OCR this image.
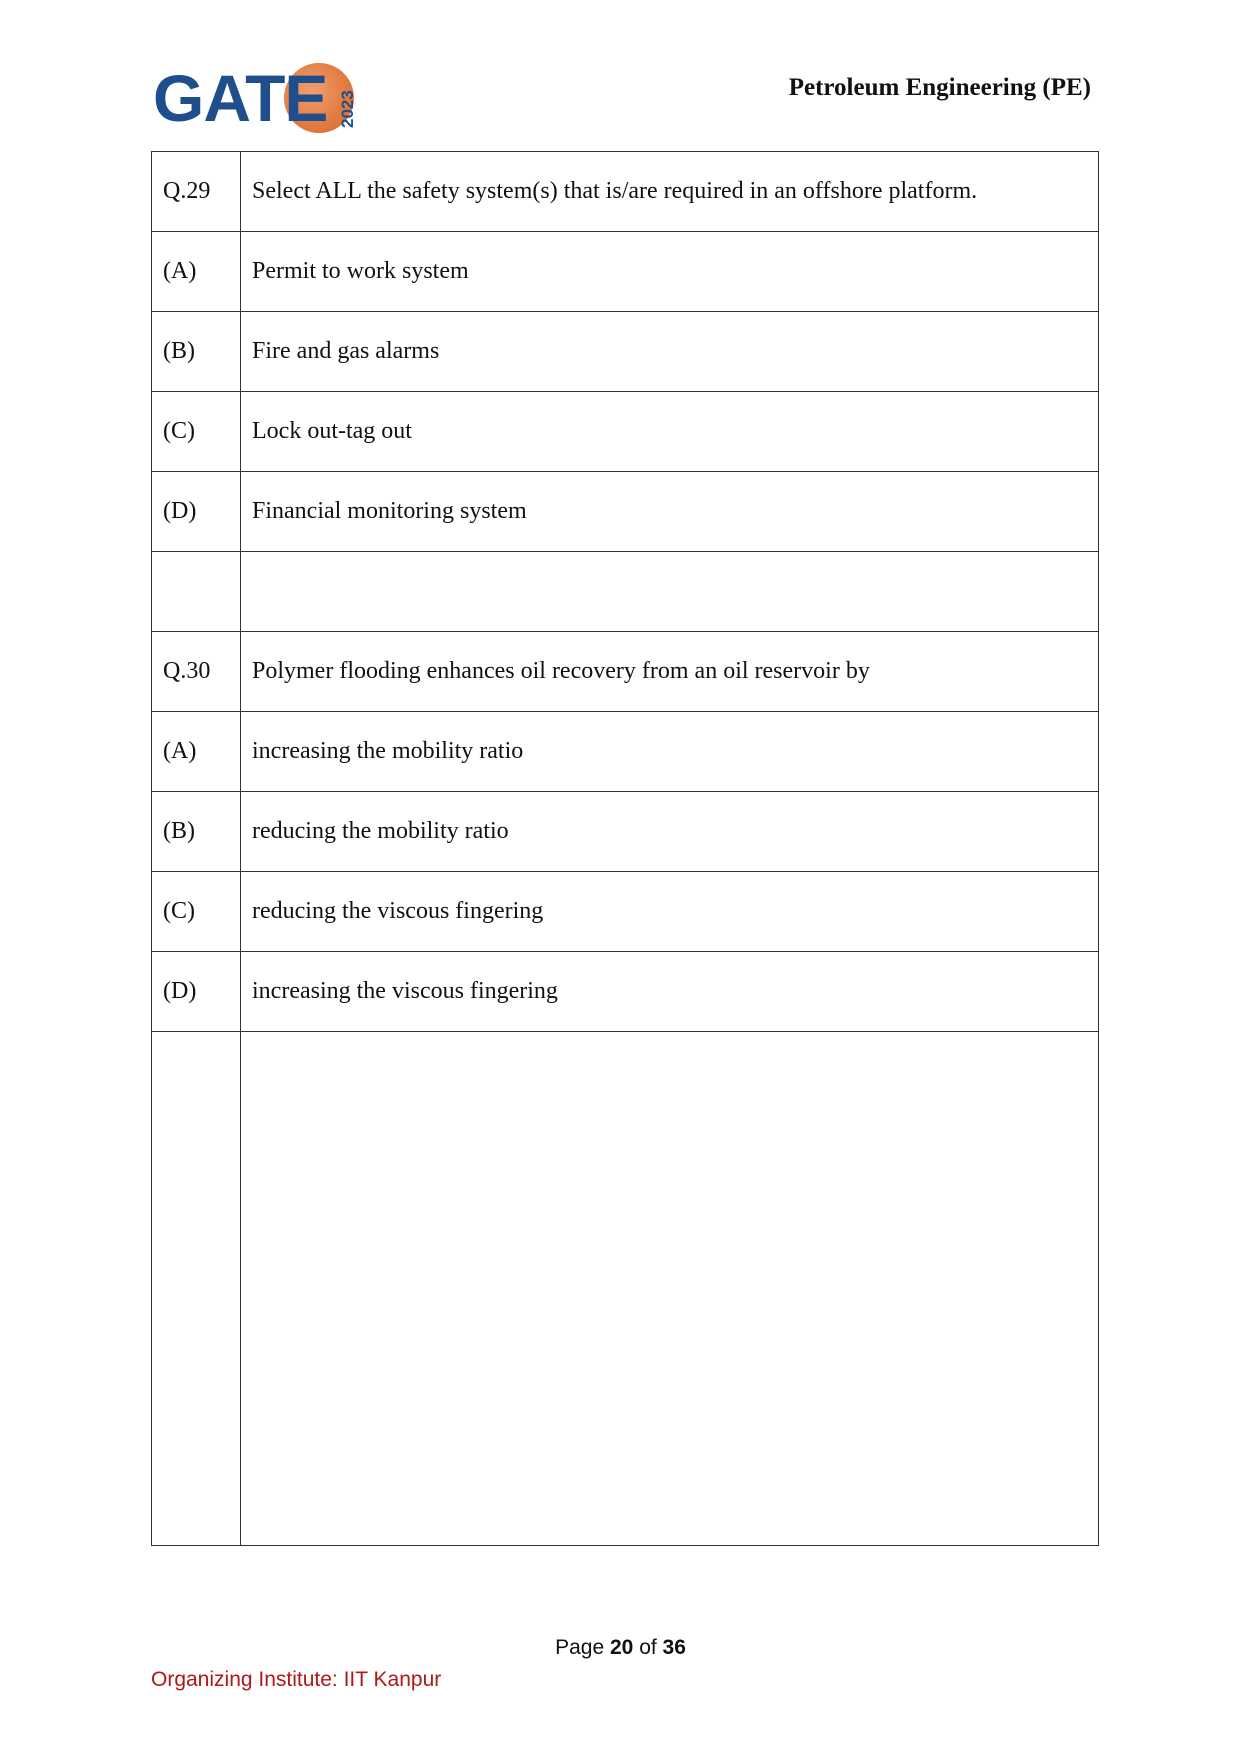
GATE 2023
Petroleum Engineering (PE)
Q.29	Select ALL the safety system(s) that is/are required in an offshore platform.
(A)	Permit to work system
(B)	Fire and gas alarms
(C)	Lock out-tag out
(D)	Financial monitoring system

Q.30	Polymer flooding enhances oil recovery from an oil reservoir by
(A)	increasing the mobility ratio
(B)	reducing the mobility ratio
(C)	reducing the viscous fingering
(D)	increasing the viscous fingering

Page 20 of 36
Organizing Institute: IIT Kanpur
